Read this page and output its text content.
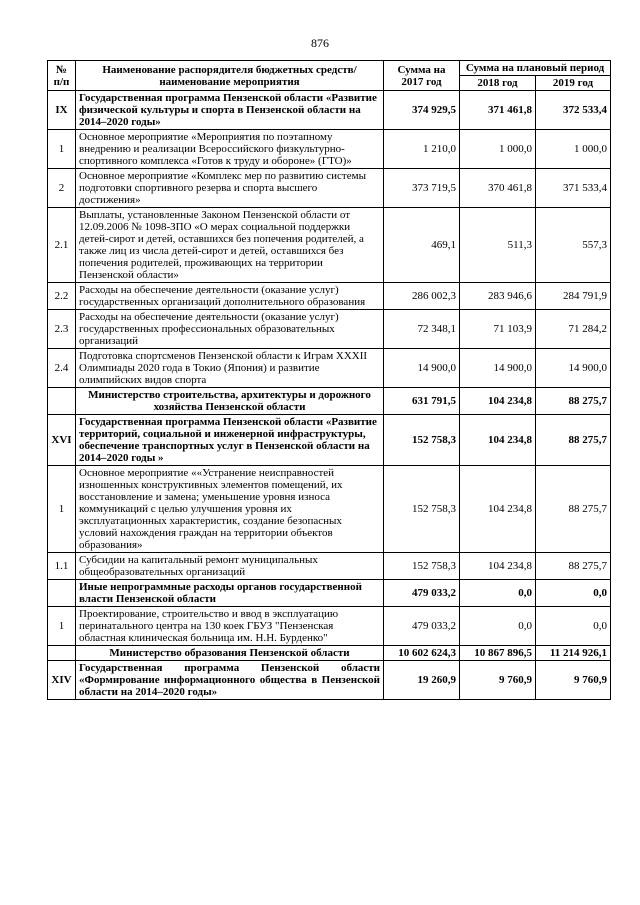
876
№ п/п	Наименование распорядителя бюджетных средств/ наименование мероприятия	Сумма на 2017 год	Сумма на плановый период	
			2018 год	2019 год
IX	Государственная программа Пензенской области «Развитие физической культуры и спорта в Пензенской области на 2014–2020 годы»	374 929,5	371 461,8	372 533,4
1	Основное мероприятие «Мероприятия по поэтапному внедрению и реализации Всероссийского физкультурно-спортивного комплекса «Готов к труду и обороне» (ГТО)»	1 210,0	1 000,0	1 000,0
2	Основное мероприятие «Комплекс мер по развитию системы подготовки спортивного резерва и спорта высшего достижения»	373 719,5	370 461,8	371 533,4
2.1	Выплаты, установленные Законом Пензенской области от 12.09.2006 № 1098-ЗПО «О мерах социальной поддержки детей-сирот и детей, оставшихся без попечения родителей, а также лиц из числа детей-сирот и детей, оставшихся без попечения родителей, проживающих на территории Пензенской области»	469,1	511,3	557,3
2.2	Расходы на обеспечение деятельности (оказание услуг) государственных организаций дополнительного образования	286 002,3	283 946,6	284 791,9
2.3	Расходы на обеспечение деятельности (оказание услуг) государственных профессиональных образовательных организаций	72 348,1	71 103,9	71 284,2
2.4	Подготовка спортсменов Пензенской области к Играм XXXII Олимпиады 2020 года в Токио (Япония) и развитие олимпийских видов спорта	14 900,0	14 900,0	14 900,0
	Министерство строительства, архитектуры и дорожного хозяйства Пензенской области	631 791,5	104 234,8	88 275,7
XVI	Государственная программа Пензенской области «Развитие территорий, социальной и инженерной инфраструктуры, обеспечение транспортных услуг в Пензенской области на 2014–2020 годы »	152 758,3	104 234,8	88 275,7
1	Основное мероприятие ««Устранение неисправностей изношенных конструктивных элементов помещений, их восстановление и замена; уменьшение уровня износа коммуникаций с целью улучшения уровня их эксплуатационных характеристик, создание безопасных условий нахождения граждан на территории объектов образования»	152 758,3	104 234,8	88 275,7
1.1	Субсидии на капитальный ремонт муниципальных общеобразовательных организаций	152 758,3	104 234,8	88 275,7
	Иные непрограммные расходы органов государственной власти Пензенской области	479 033,2	0,0	0,0
1	Проектирование, строительство и ввод в эксплуатацию перинатального центра на 130 коек ГБУЗ "Пензенская областная клиническая больница им. Н.Н. Бурденко"	479 033,2	0,0	0,0
	Министерство образования Пензенской области	10 602 624,3	10 867 896,5	11 214 926,1
XIV	Государственная программа Пензенской области «Формирование информационного общества в Пензенской области на 2014–2020 годы»	19 260,9	9 760,9	9 760,9
